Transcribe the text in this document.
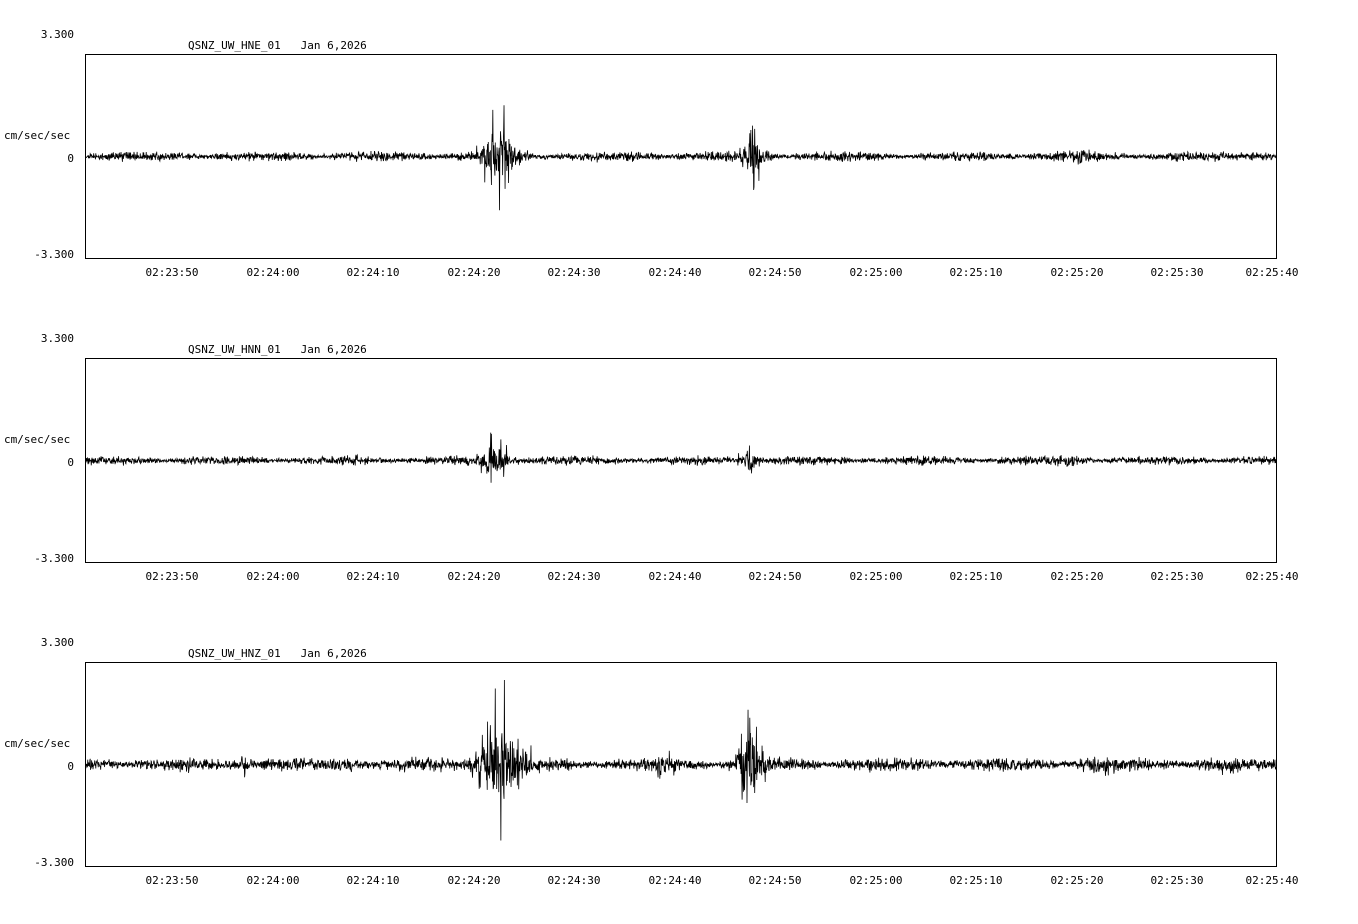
QSNZ_UW_HNE_01   Jan 6,2026
cm/sec/sec
3.300
0
-3.300
02:23:50	02:24:00	02:24:10	02:24:20	02:24:30	02:24:40	02:24:50	02:25:00	02:25:10	02:25:20	02:25:30	02:25:40
QSNZ_UW_HNN_01   Jan 6,2026
cm/sec/sec
3.300
0
-3.300
02:23:50	02:24:00	02:24:10	02:24:20	02:24:30	02:24:40	02:24:50	02:25:00	02:25:10	02:25:20	02:25:30	02:25:40
QSNZ_UW_HNZ_01   Jan 6,2026
cm/sec/sec
3.300
0
-3.300
02:23:50	02:24:00	02:24:10	02:24:20	02:24:30	02:24:40	02:24:50	02:25:00	02:25:10	02:25:20	02:25:30	02:25:40
